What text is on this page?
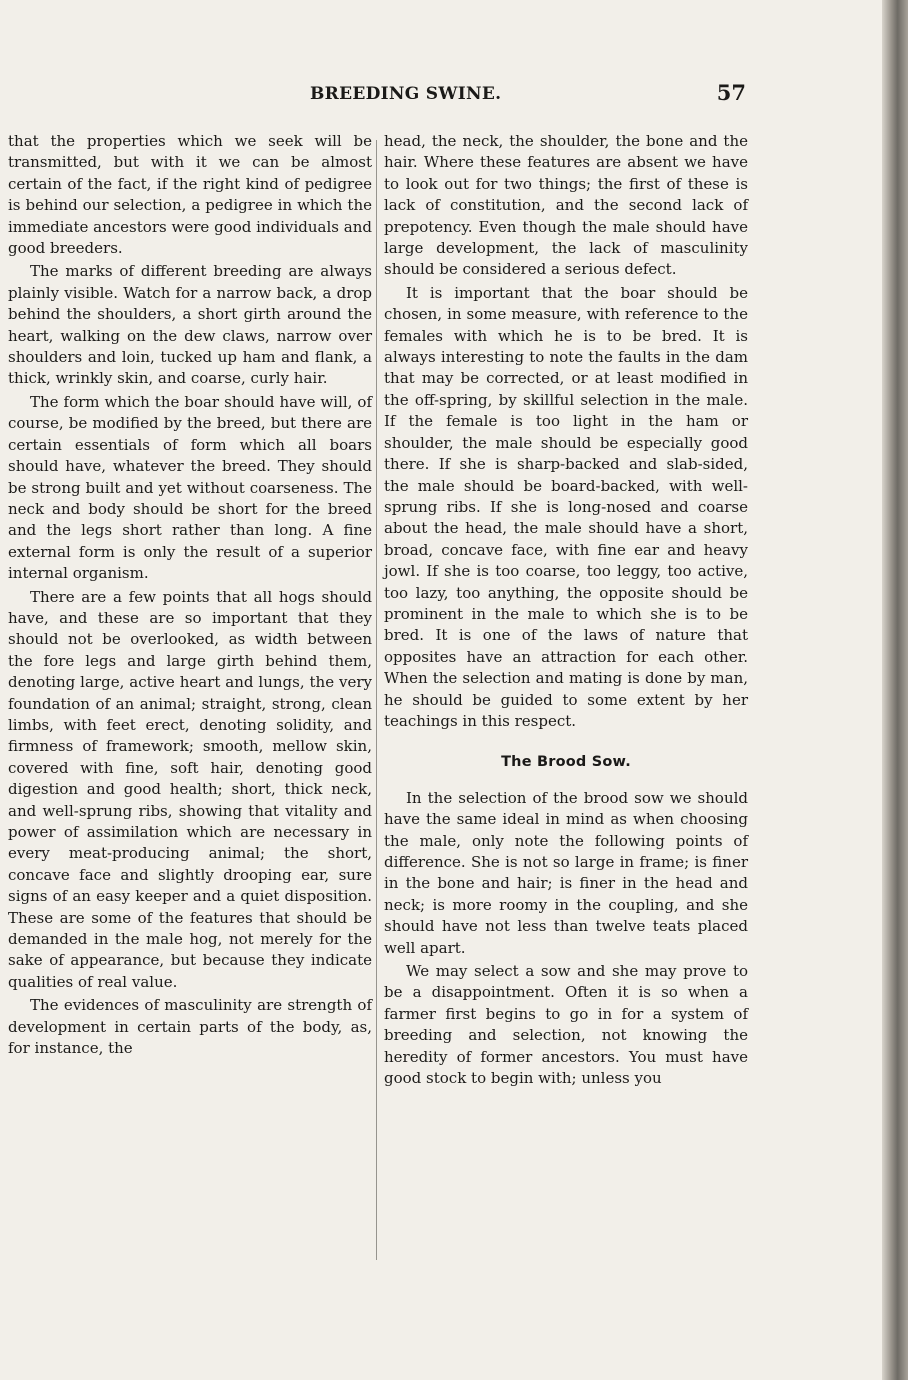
BREEDING SWINE.	57

that the properties which we seek will be transmitted, but with it we can be almost certain of the fact, if the right kind of pedigree is behind our selection, a pedigree in which the immediate ancestors were good individuals and good breeders.

The marks of different breeding are always plainly visible. Watch for a narrow back, a drop behind the shoulders, a short girth around the heart, walking on the dew claws, narrow over shoulders and loin, tucked up ham and flank, a thick, wrinkly skin, and coarse, curly hair.

The form which the boar should have will, of course, be modified by the breed, but there are certain essentials of form which all boars should have, whatever the breed. They should be strong built and yet without coarseness. The neck and body should be short for the breed and the legs short rather than long. A fine external form is only the result of a superior internal organism.

There are a few points that all hogs should have, and these are so important that they should not be overlooked, as width between the fore legs and large girth behind them, denoting large, active heart and lungs, the very foundation of an animal; straight, strong, clean limbs, with feet erect, denoting solidity, and firmness of framework; smooth, mellow skin, covered with fine, soft hair, denoting good digestion and good health; short, thick neck, and well-sprung ribs, showing that vitality and power of assimilation which are necessary in every meat-producing animal; the short, concave face and slightly drooping ear, sure signs of an easy keeper and a quiet disposition. These are some of the features that should be demanded in the male hog, not merely for the sake of appearance, but because they indicate qualities of real value.

The evidences of masculinity are strength of development in certain parts of the body, as, for instance, the

head, the neck, the shoulder, the bone and the hair. Where these features are absent we have to look out for two things; the first of these is lack of constitution, and the second lack of prepotency. Even though the male should have large development, the lack of masculinity should be considered a serious defect.

It is important that the boar should be chosen, in some measure, with reference to the females with which he is to be bred. It is always interesting to note the faults in the dam that may be corrected, or at least modified in the off-spring, by skillful selection in the male. If the female is too light in the ham or shoulder, the male should be especially good there. If she is sharp-backed and slab-sided, the male should be board-backed, with well-sprung ribs. If she is long-nosed and coarse about the head, the male should have a short, broad, concave face, with fine ear and heavy jowl. If she is too coarse, too leggy, too active, too lazy, too anything, the opposite should be prominent in the male to which she is to be bred. It is one of the laws of nature that opposites have an attraction for each other. When the selection and mating is done by man, he should be guided to some extent by her teachings in this respect.

The Brood Sow.

In the selection of the brood sow we should have the same ideal in mind as when choosing the male, only note the following points of difference. She is not so large in frame; is finer in the bone and hair; is finer in the head and neck; is more roomy in the coupling, and she should have not less than twelve teats placed well apart.

We may select a sow and she may prove to be a disappointment. Often it is so when a farmer first begins to go in for a system of breeding and selection, not knowing the heredity of former ancestors. You must have good stock to begin with; unless you
